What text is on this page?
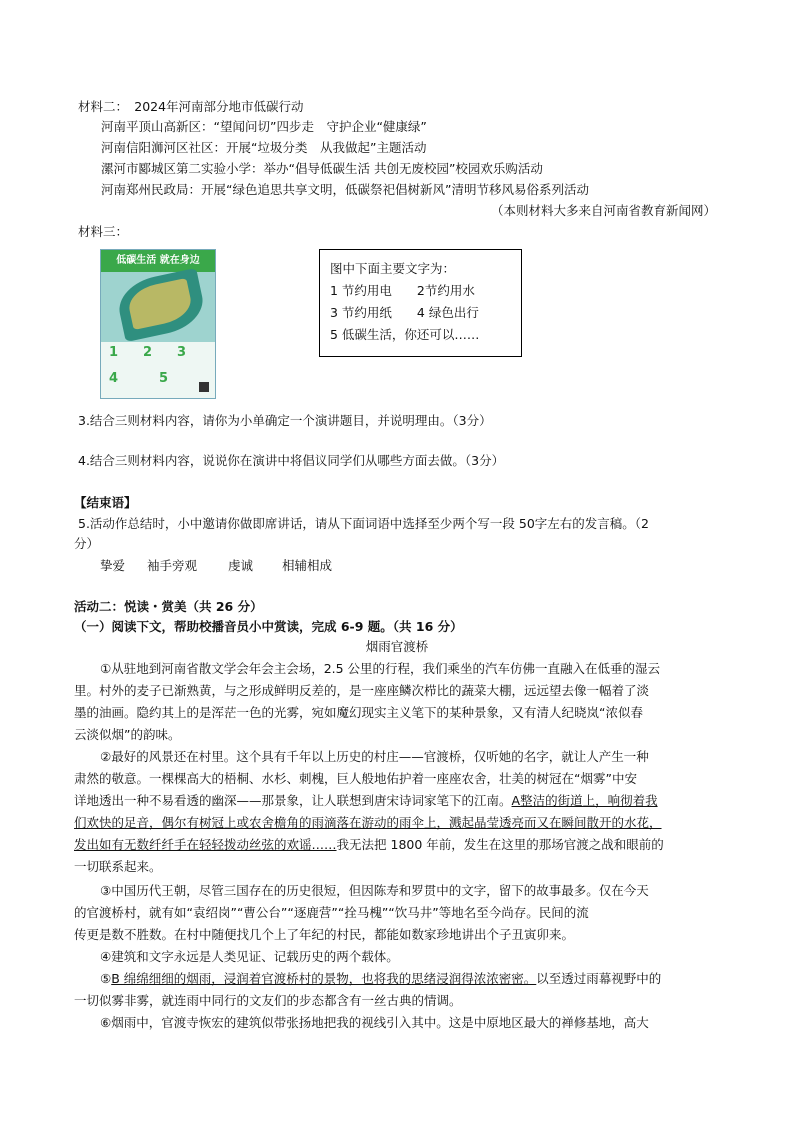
材料二：　2024年河南部分地市低碳行动
河南平顶山高新区：“望闻问切”四步走　守护企业“健康绿”
河南信阳浉河区社区：开展“垃圾分类　从我做起”主题活动
漯河市郾城区第二实验小学：举办“倡导低碳生活 共创无废校园”校园欢乐购活动
河南郑州民政局：开展“绿色追思共享文明，低碳祭祀倡树新风”清明节移风易俗系列活动
（本则材料大多来自河南省教育新闻网）
材料三：
低碳生活 就在身边
1 2 3
4	5
图中下面主要文字为：
1 节约用电　　2节约用水
3 节约用纸　　4 绿色出行
5 低碳生活，你还可以……
3.结合三则材料内容，请你为小单确定一个演讲题目，并说明理由。（3分）
4.结合三则材料内容，说说你在演讲中将倡议同学们从哪些方面去做。（3分）
【结束语】
5.活动作总结时，小中邀请你做即席讲话，请从下面词语中选择至少两个写一段 50字左右的发言稿。（2
分）
挚爱 袖手旁观 虔诚 相辅相成
活动二：悦读・赏美（共 26 分）
（一）阅读下文，帮助校播音员小中赏读，完成 6-9 题。（共 16 分）
烟雨官渡桥
①从驻地到河南省散文学会年会主会场，2.5 公里的行程，我们乘坐的汽车仿佛一直融入在低垂的湿云
里。村外的麦子已渐熟黄，与之形成鲜明反差的，是一座座鳞次栉比的蔬菜大棚，远远望去像一幅着了淡
墨的油画。隐约其上的是浑茫一色的光雾，宛如魔幻现实主义笔下的某种景象，又有清人纪晓岚“浓似春
云淡似烟”的韵味。
②最好的风景还在村里。这个具有千年以上历史的村庄——官渡桥，仅听她的名字，就让人产生一种
肃然的敬意。一棵棵高大的梧桐、水杉、刺槐，巨人般地佑护着一座座农舍，壮美的树冠在“烟雾”中安
详地透出一种不易看透的幽深——那景象，让人联想到唐宋诗词家笔下的江南。A整洁的街道上，响彻着我
们欢快的足音，偶尔有树冠上或农舍檐角的雨滴落在游动的雨伞上，溅起晶莹透亮而又在瞬间散开的水花，
发出如有无数纤纤手在轻轻拨动丝弦的欢谣……我无法把 1800 年前，发生在这里的那场官渡之战和眼前的
一切联系起来。
③中国历代王朝，尽管三国存在的历史很短，但因陈寿和罗贯中的文字，留下的故事最多。仅在今天
的官渡桥村，就有如“袁绍岗”“曹公台”“逐鹿营”“拴马槐”“饮马井”等地名至今尚存。民间的流
传更是数不胜数。在村中随便找几个上了年纪的村民，都能如数家珍地讲出个子丑寅卯来。
④建筑和文字永远是人类见证、记载历史的两个载体。
⑤B 绵绵细细的烟雨，浸润着官渡桥村的景物，也将我的思绪浸润得浓浓密密。以至透过雨幕视野中的
一切似雾非雾，就连雨中同行的文友们的步态都含有一丝古典的情调。
⑥烟雨中，官渡寺恢宏的建筑似带张扬地把我的视线引入其中。这是中原地区最大的禅修基地，高大
